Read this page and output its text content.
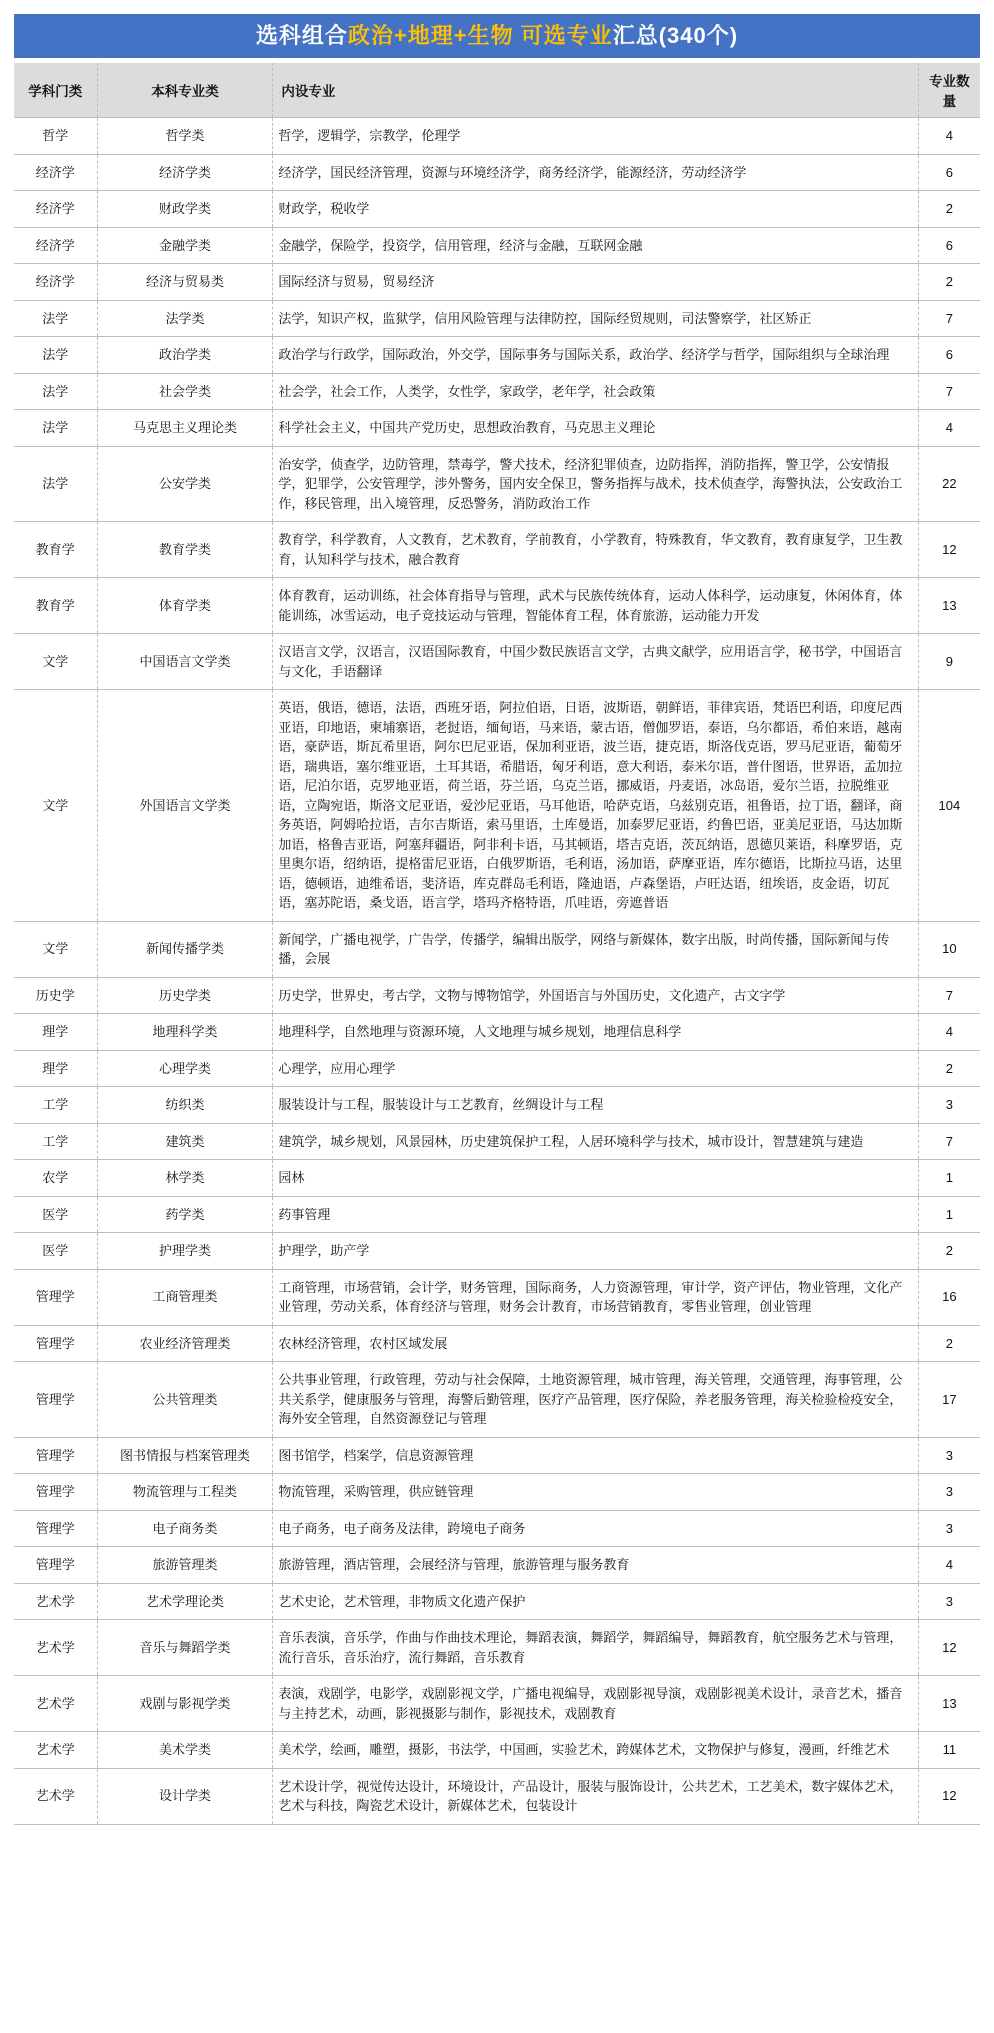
选科组合政治+地理+生物 可选专业汇总(340个)
学科门类	本科专业类	内设专业	专业数量
哲学	哲学类	哲学，逻辑学，宗教学，伦理学	4
经济学	经济学类	经济学，国民经济管理，资源与环境经济学，商务经济学，能源经济，劳动经济学	6
经济学	财政学类	财政学，税收学	2
经济学	金融学类	金融学，保险学，投资学，信用管理，经济与金融，互联网金融	6
经济学	经济与贸易类	国际经济与贸易，贸易经济	2
法学	法学类	法学，知识产权，监狱学，信用风险管理与法律防控，国际经贸规则，司法警察学，社区矫正	7
法学	政治学类	政治学与行政学，国际政治，外交学，国际事务与国际关系，政治学、经济学与哲学，国际组织与全球治理	6
法学	社会学类	社会学，社会工作，人类学，女性学，家政学，老年学，社会政策	7
法学	马克思主义理论类	科学社会主义，中国共产党历史，思想政治教育，马克思主义理论	4
法学	公安学类	治安学，侦查学，边防管理，禁毒学，警犬技术，经济犯罪侦查，边防指挥，消防指挥，警卫学，公安情报学，犯罪学，公安管理学，涉外警务，国内安全保卫，警务指挥与战术，技术侦查学，海警执法，公安政治工作，移民管理，出入境管理，反恐警务，消防政治工作	22
教育学	教育学类	教育学，科学教育，人文教育，艺术教育，学前教育，小学教育，特殊教育，华文教育，教育康复学，卫生教育，认知科学与技术，融合教育	12
教育学	体育学类	体育教育，运动训练，社会体育指导与管理，武术与民族传统体育，运动人体科学，运动康复，休闲体育，体能训练，冰雪运动，电子竞技运动与管理，智能体育工程，体育旅游，运动能力开发	13
文学	中国语言文学类	汉语言文学，汉语言，汉语国际教育，中国少数民族语言文学，古典文献学，应用语言学，秘书学，中国语言与文化，手语翻译	9
文学	外国语言文学类	英语，俄语，德语，法语，西班牙语，阿拉伯语，日语，波斯语，朝鲜语，菲律宾语，梵语巴利语，印度尼西亚语，印地语，柬埔寨语，老挝语，缅甸语，马来语，蒙古语，僧伽罗语，泰语，乌尔都语，希伯来语，越南语，豪萨语，斯瓦希里语，阿尔巴尼亚语，保加利亚语，波兰语，捷克语，斯洛伐克语，罗马尼亚语，葡萄牙语，瑞典语，塞尔维亚语，土耳其语，希腊语，匈牙利语，意大利语，泰米尔语，普什图语，世界语，孟加拉语，尼泊尔语，克罗地亚语，荷兰语，芬兰语，乌克兰语，挪威语，丹麦语，冰岛语，爱尔兰语，拉脱维亚语，立陶宛语，斯洛文尼亚语，爱沙尼亚语，马耳他语，哈萨克语，乌兹别克语，祖鲁语，拉丁语，翻译，商务英语，阿姆哈拉语，吉尔吉斯语，索马里语，土库曼语，加泰罗尼亚语，约鲁巴语，亚美尼亚语，马达加斯加语，格鲁吉亚语，阿塞拜疆语，阿非利卡语，马其顿语，塔吉克语，茨瓦纳语，恩德贝莱语，科摩罗语，克里奥尔语，绍纳语，提格雷尼亚语，白俄罗斯语，毛利语，汤加语，萨摩亚语，库尔德语，比斯拉马语，达里语，德顿语，迪维希语，斐济语，库克群岛毛利语，隆迪语，卢森堡语，卢旺达语，纽埃语，皮金语，切瓦语，塞苏陀语，桑戈语，语言学，塔玛齐格特语，爪哇语，旁遮普语	104
文学	新闻传播学类	新闻学，广播电视学，广告学，传播学，编辑出版学，网络与新媒体，数字出版，时尚传播，国际新闻与传播，会展	10
历史学	历史学类	历史学，世界史，考古学，文物与博物馆学，外国语言与外国历史，文化遗产，古文字学	7
理学	地理科学类	地理科学，自然地理与资源环境，人文地理与城乡规划，地理信息科学	4
理学	心理学类	心理学，应用心理学	2
工学	纺织类	服装设计与工程，服装设计与工艺教育，丝绸设计与工程	3
工学	建筑类	建筑学，城乡规划，风景园林，历史建筑保护工程，人居环境科学与技术，城市设计，智慧建筑与建造	7
农学	林学类	园林	1
医学	药学类	药事管理	1
医学	护理学类	护理学，助产学	2
管理学	工商管理类	工商管理，市场营销，会计学，财务管理，国际商务，人力资源管理，审计学，资产评估，物业管理，文化产业管理，劳动关系，体育经济与管理，财务会计教育，市场营销教育，零售业管理，创业管理	16
管理学	农业经济管理类	农林经济管理，农村区域发展	2
管理学	公共管理类	公共事业管理，行政管理，劳动与社会保障，土地资源管理，城市管理，海关管理，交通管理，海事管理，公共关系学，健康服务与管理，海警后勤管理，医疗产品管理，医疗保险，养老服务管理，海关检验检疫安全，海外安全管理，自然资源登记与管理	17
管理学	图书情报与档案管理类	图书馆学，档案学，信息资源管理	3
管理学	物流管理与工程类	物流管理，采购管理，供应链管理	3
管理学	电子商务类	电子商务，电子商务及法律，跨境电子商务	3
管理学	旅游管理类	旅游管理，酒店管理，会展经济与管理，旅游管理与服务教育	4
艺术学	艺术学理论类	艺术史论，艺术管理，非物质文化遗产保护	3
艺术学	音乐与舞蹈学类	音乐表演，音乐学，作曲与作曲技术理论，舞蹈表演，舞蹈学，舞蹈编导，舞蹈教育，航空服务艺术与管理，流行音乐，音乐治疗，流行舞蹈，音乐教育	12
艺术学	戏剧与影视学类	表演，戏剧学，电影学，戏剧影视文学，广播电视编导，戏剧影视导演，戏剧影视美术设计，录音艺术，播音与主持艺术，动画，影视摄影与制作，影视技术，戏剧教育	13
艺术学	美术学类	美术学，绘画，雕塑，摄影，书法学，中国画，实验艺术，跨媒体艺术，文物保护与修复，漫画，纤维艺术	11
艺术学	设计学类	艺术设计学，视觉传达设计，环境设计，产品设计，服装与服饰设计，公共艺术，工艺美术，数字媒体艺术，艺术与科技，陶瓷艺术设计，新媒体艺术，包装设计	12
